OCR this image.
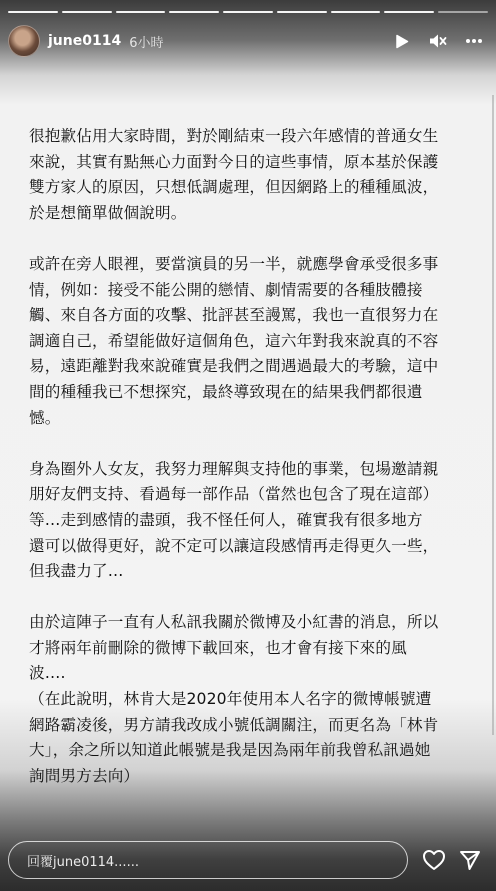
june0114 6小時

很抱歉佔用大家時間，對於剛結束一段六年感情的普通女生

來說，其實有點無心力面對今日的這些事情，原本基於保護

雙方家人的原因，只想低調處理，但因網路上的種種風波，

於是想簡單做個說明。

或許在旁人眼裡，要當演員的另一半，就應學會承受很多事

情，例如：接受不能公開的戀情、劇情需要的各種肢體接

觸、來自各方面的攻擊、批評甚至謾罵，我也一直很努力在

調適自己，希望能做好這個角色，這六年對我來說真的不容

易，遠距離對我來說確實是我們之間遇過最大的考驗，這中

間的種種我已不想探究，最終導致現在的結果我們都很遺

憾。

身為圈外人女友，我努力理解與支持他的事業，包場邀請親

朋好友們支持、看過每一部作品（當然也包含了現在這部）

等…走到感情的盡頭，我不怪任何人，確實我有很多地方

還可以做得更好，說不定可以讓這段感情再走得更久一些，

但我盡力了…

由於這陣子一直有人私訊我關於微博及小紅書的消息，所以

才將兩年前刪除的微博下載回來，也才會有接下來的風

波….

（在此說明，林肯大是2020年使用本人名字的微博帳號遭

網路霸凌後，男方請我改成小號低調關注，而更名為「林肯

大」，余之所以知道此帳號是我是因為兩年前我曾私訊過她

詢問男方去向）

回覆june0114......
